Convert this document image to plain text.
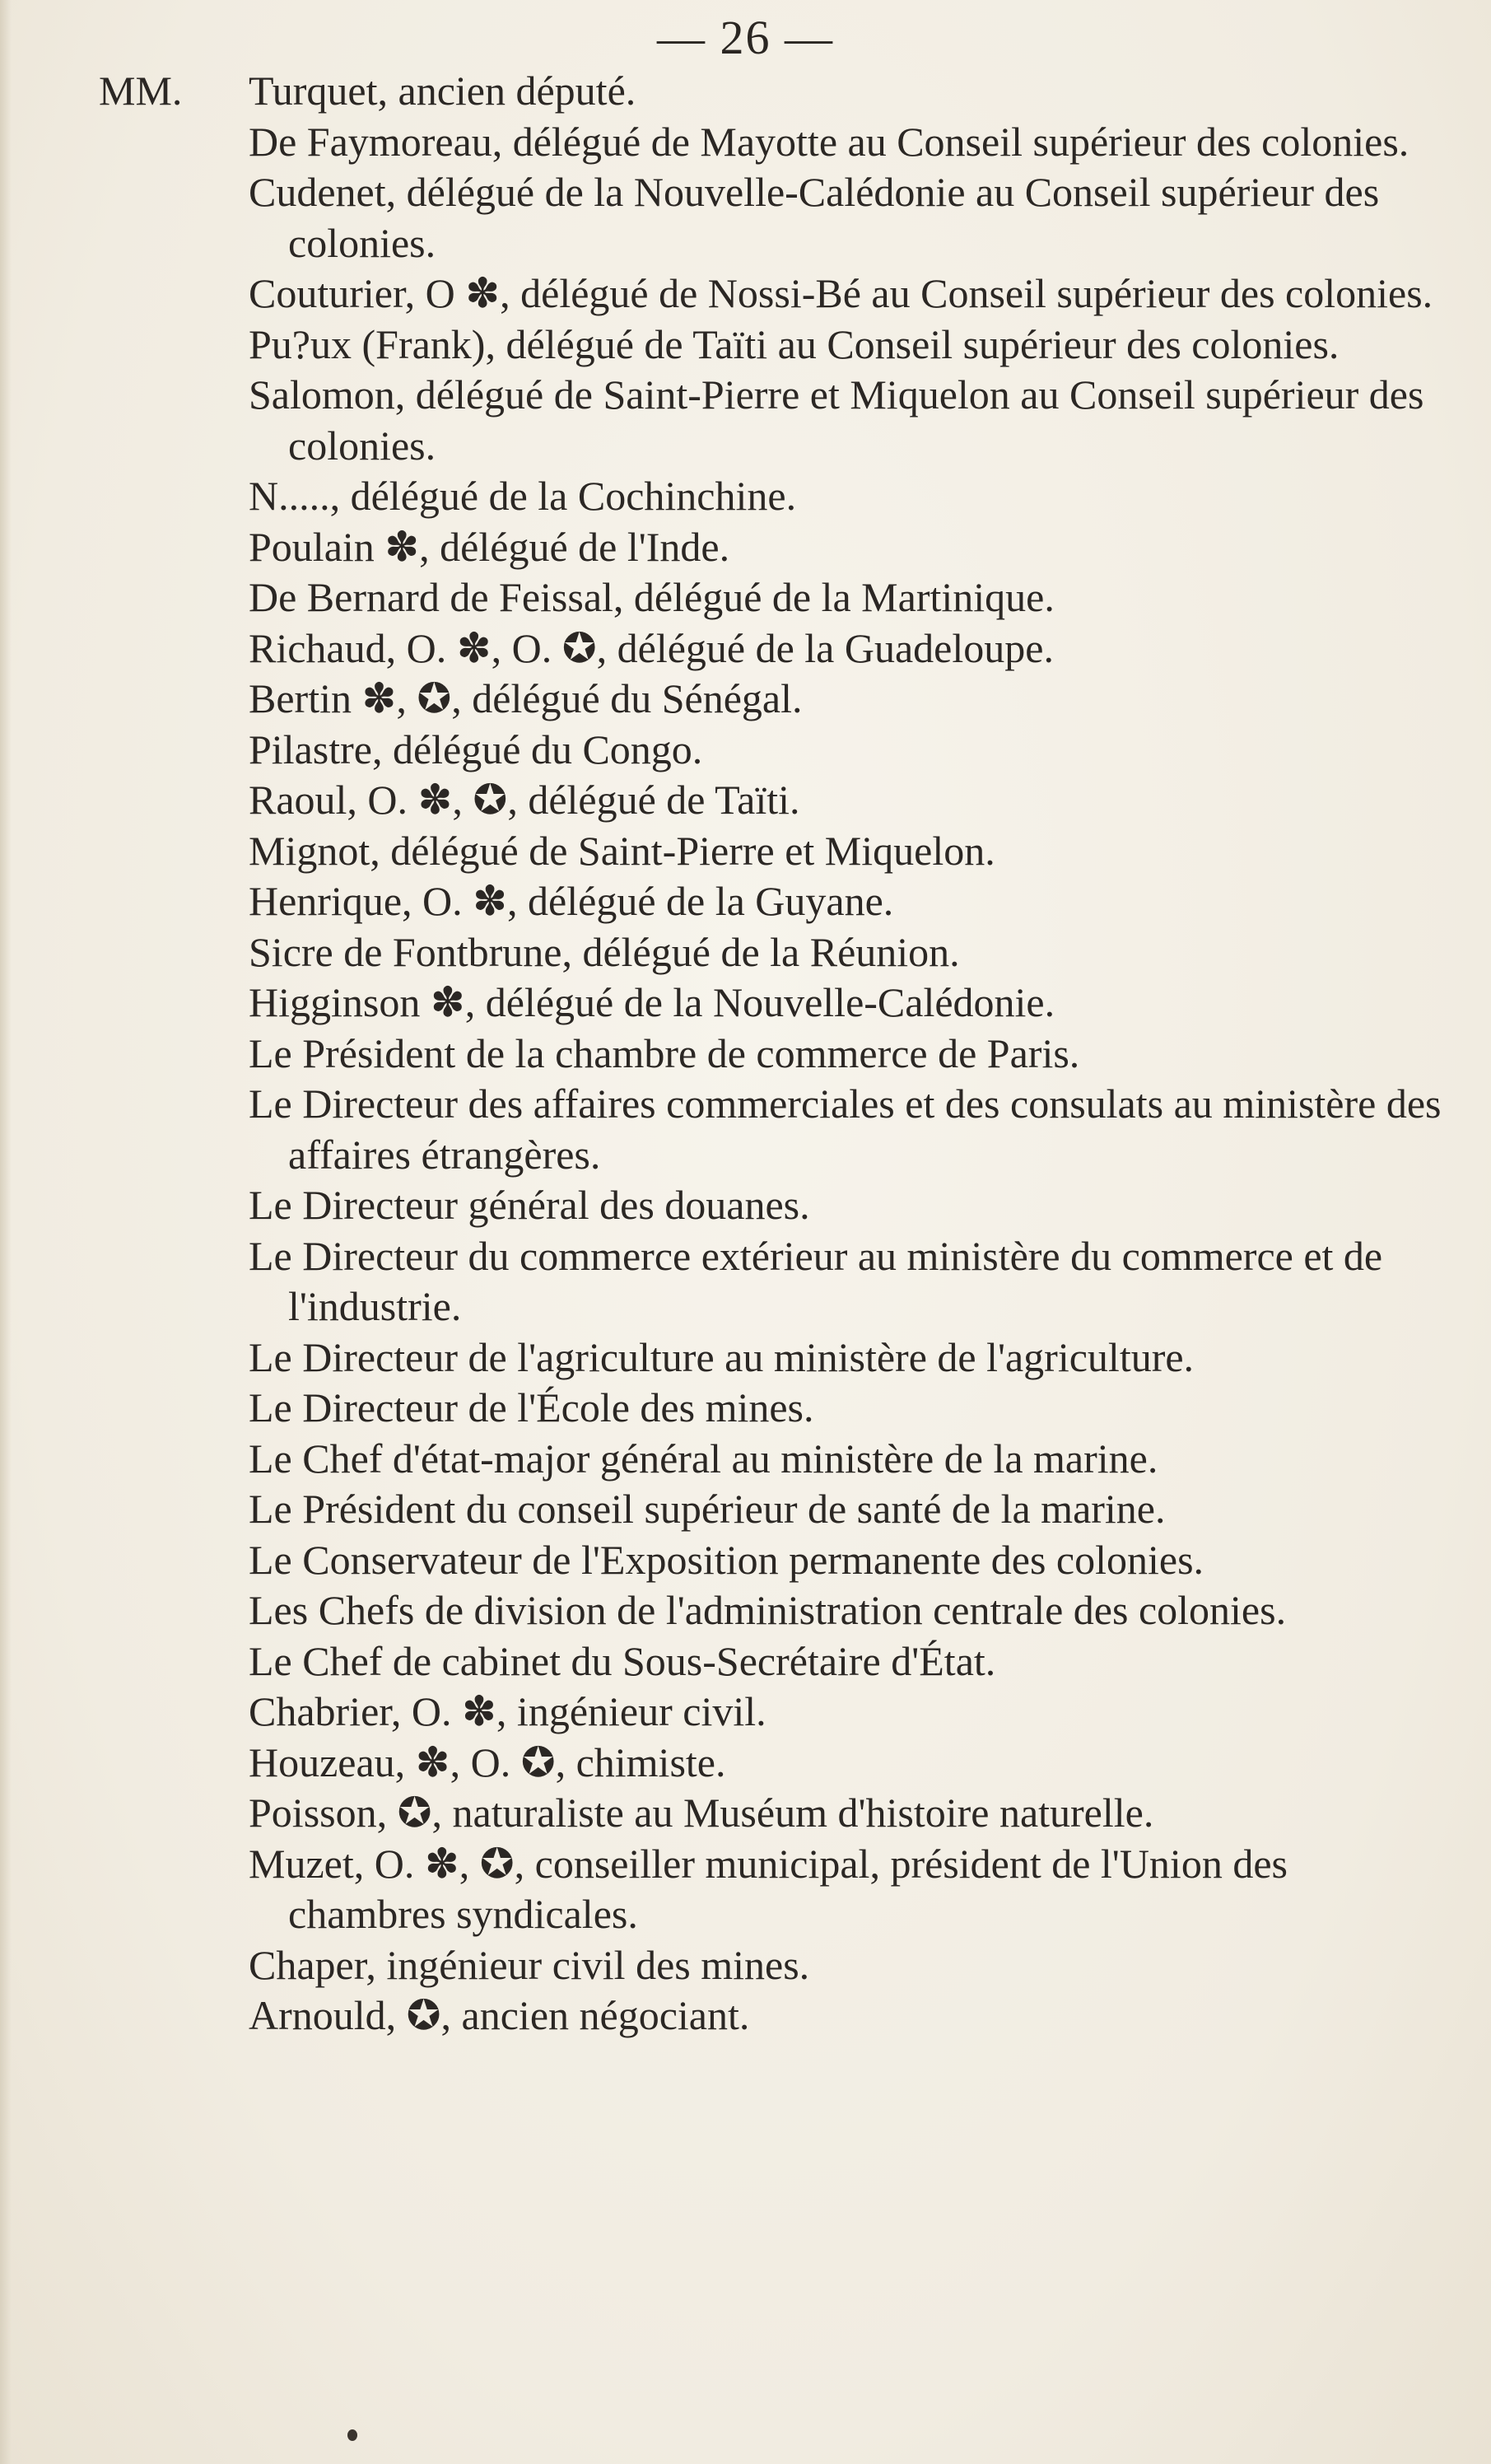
— 26 —
MM.	Turquet, ancien député.
De Faymoreau, délégué de Mayotte au Conseil supérieur des colonies.
Cudenet, délégué de la Nouvelle-Calédonie au Conseil supérieur des colonies.
Couturier, O ✽, délégué de Nossi-Bé au Conseil supérieur des colonies.
Pu?ux (Frank), délégué de Taïti au Conseil supérieur des colonies.
Salomon, délégué de Saint-Pierre et Miquelon au Conseil supérieur des colonies.
N....., délégué de la Cochinchine.
Poulain ✽, délégué de l'Inde.
De Bernard de Feissal, délégué de la Martinique.
Richaud, O. ✽, O. ✪, délégué de la Guadeloupe.
Bertin ✽, ✪, délégué du Sénégal.
Pilastre, délégué du Congo.
Raoul, O. ✽, ✪, délégué de Taïti.
Mignot, délégué de Saint-Pierre et Miquelon.
Henrique, O. ✽, délégué de la Guyane.
Sicre de Fontbrune, délégué de la Réunion.
Higginson ✽, délégué de la Nouvelle-Calédonie.
Le Président de la chambre de commerce de Paris.
Le Directeur des affaires commerciales et des consulats au ministère des affaires étrangères.
Le Directeur général des douanes.
Le Directeur du commerce extérieur au ministère du commerce et de l'industrie.
Le Directeur de l'agriculture au ministère de l'agriculture.
Le Directeur de l'École des mines.
Le Chef d'état-major général au ministère de la marine.
Le Président du conseil supérieur de santé de la marine.
Le Conservateur de l'Exposition permanente des colonies.
Les Chefs de division de l'administration centrale des colonies.
Le Chef de cabinet du Sous-Secrétaire d'État.
Chabrier, O. ✽, ingénieur civil.
Houzeau, ✽, O. ✪, chimiste.
Poisson, ✪, naturaliste au Muséum d'histoire naturelle.
Muzet, O. ✽, ✪, conseiller municipal, président de l'Union des chambres syndicales.
Chaper, ingénieur civil des mines.
Arnould, ✪, ancien négociant.
